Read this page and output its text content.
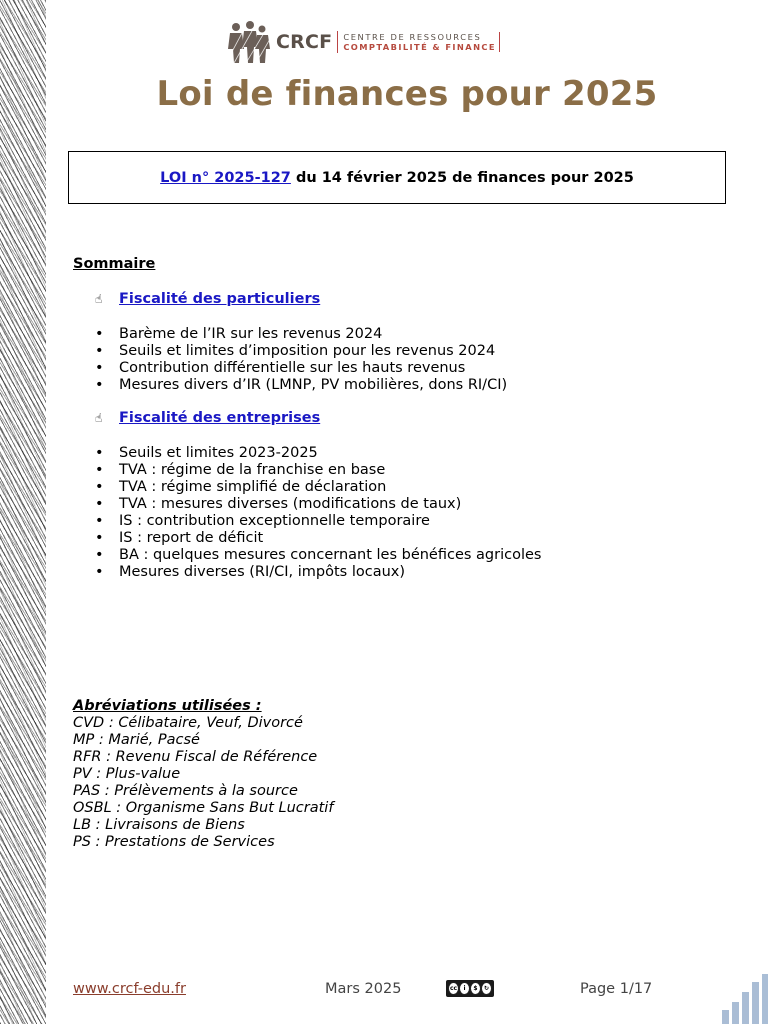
CRCF CENTRE DE RESSOURCES
COMPTABILITÉ & FINANCE
Loi de finances pour 2025
LOI n° 2025-127 du 14 février 2025 de finances pour 2025
Sommaire
☝	Fiscalité des particuliers
•	Barème de l’IR sur les revenus 2024
•	Seuils et limites d’imposition pour les revenus 2024
•	Contribution différentielle sur les hauts revenus
•	Mesures divers d’IR (LMNP, PV mobilières, dons RI/CI)
☝	Fiscalité des entreprises
•	Seuils et limites 2023-2025
•	TVA : régime de la franchise en base
•	TVA : régime simplifié de déclaration
•	TVA : mesures diverses (modifications de taux)
•	IS : contribution exceptionnelle temporaire
•	IS : report de déficit
•	BA : quelques mesures concernant les bénéfices agricoles
•	Mesures diverses (RI/CI, impôts locaux)
Abréviations utilisées :
CVD : Célibataire, Veuf, Divorcé
MP : Marié, Pacsé
RFR : Revenu Fiscal de Référence
PV : Plus-value
PAS : Prélèvements à la source
OSBL : Organisme Sans But Lucratif
LB : Livraisons de Biens
PS : Prestations de Services
www.crcf-edu.fr	Mars 2025	cc	i	$	↻	Page 1/17
